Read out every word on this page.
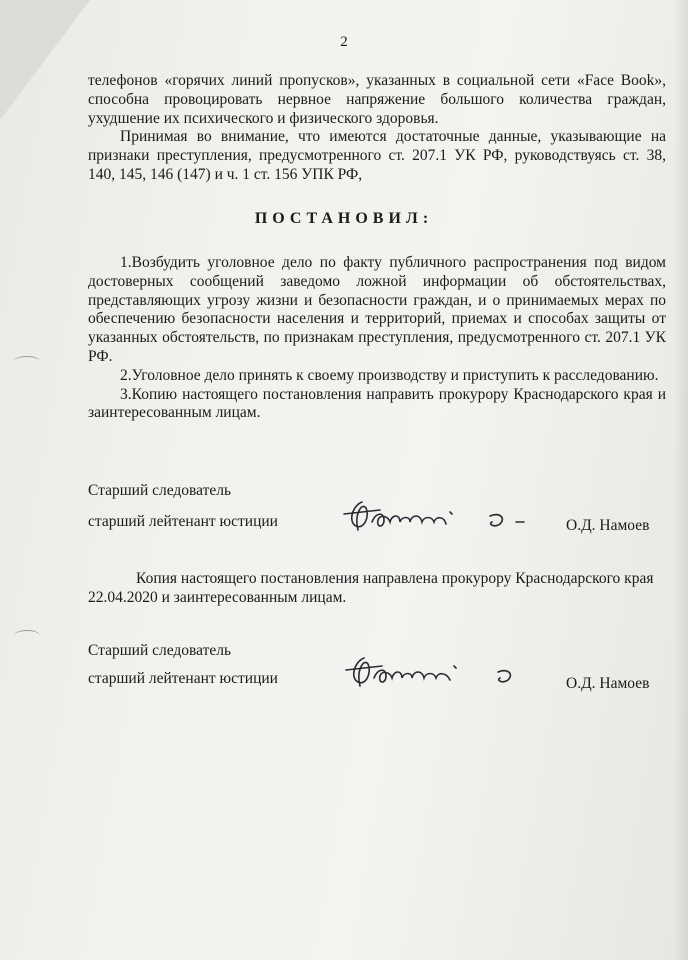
2

телефонов «горячих линий пропусков», указанных в социальной сети «Face Book», способна провоцировать нервное напряжение большого количества граждан, ухудшение их психического и физического здоровья.

Принимая во внимание, что имеются достаточные данные, указывающие на признаки преступления, предусмотренного ст. 207.1 УК РФ, руководствуясь ст. 38, 140, 145, 146 (147) и ч. 1 ст. 156 УПК РФ,

ПОСТАНОВИЛ:

1.Возбудить уголовное дело по факту публичного распространения под видом достоверных сообщений заведомо ложной информации об обстоятельствах, представляющих угрозу жизни и безопасности граждан, и о принимаемых мерах по обеспечению безопасности населения и территорий, приемах и способах защиты от указанных обстоятельств, по признакам преступления, предусмотренного ст. 207.1 УК РФ.

2.Уголовное дело принять к своему производству и приступить к расследованию.

3.Копию настоящего постановления направить прокурору Краснодарского края и заинтересованным лицам.

Старший следователь
старший лейтенант юстиции	О.Д. Намоев

Копия настоящего постановления направлена прокурору Краснодарского края 22.04.2020 и заинтересованным лицам.

Старший следователь
старший лейтенант юстиции	О.Д. Намоев
